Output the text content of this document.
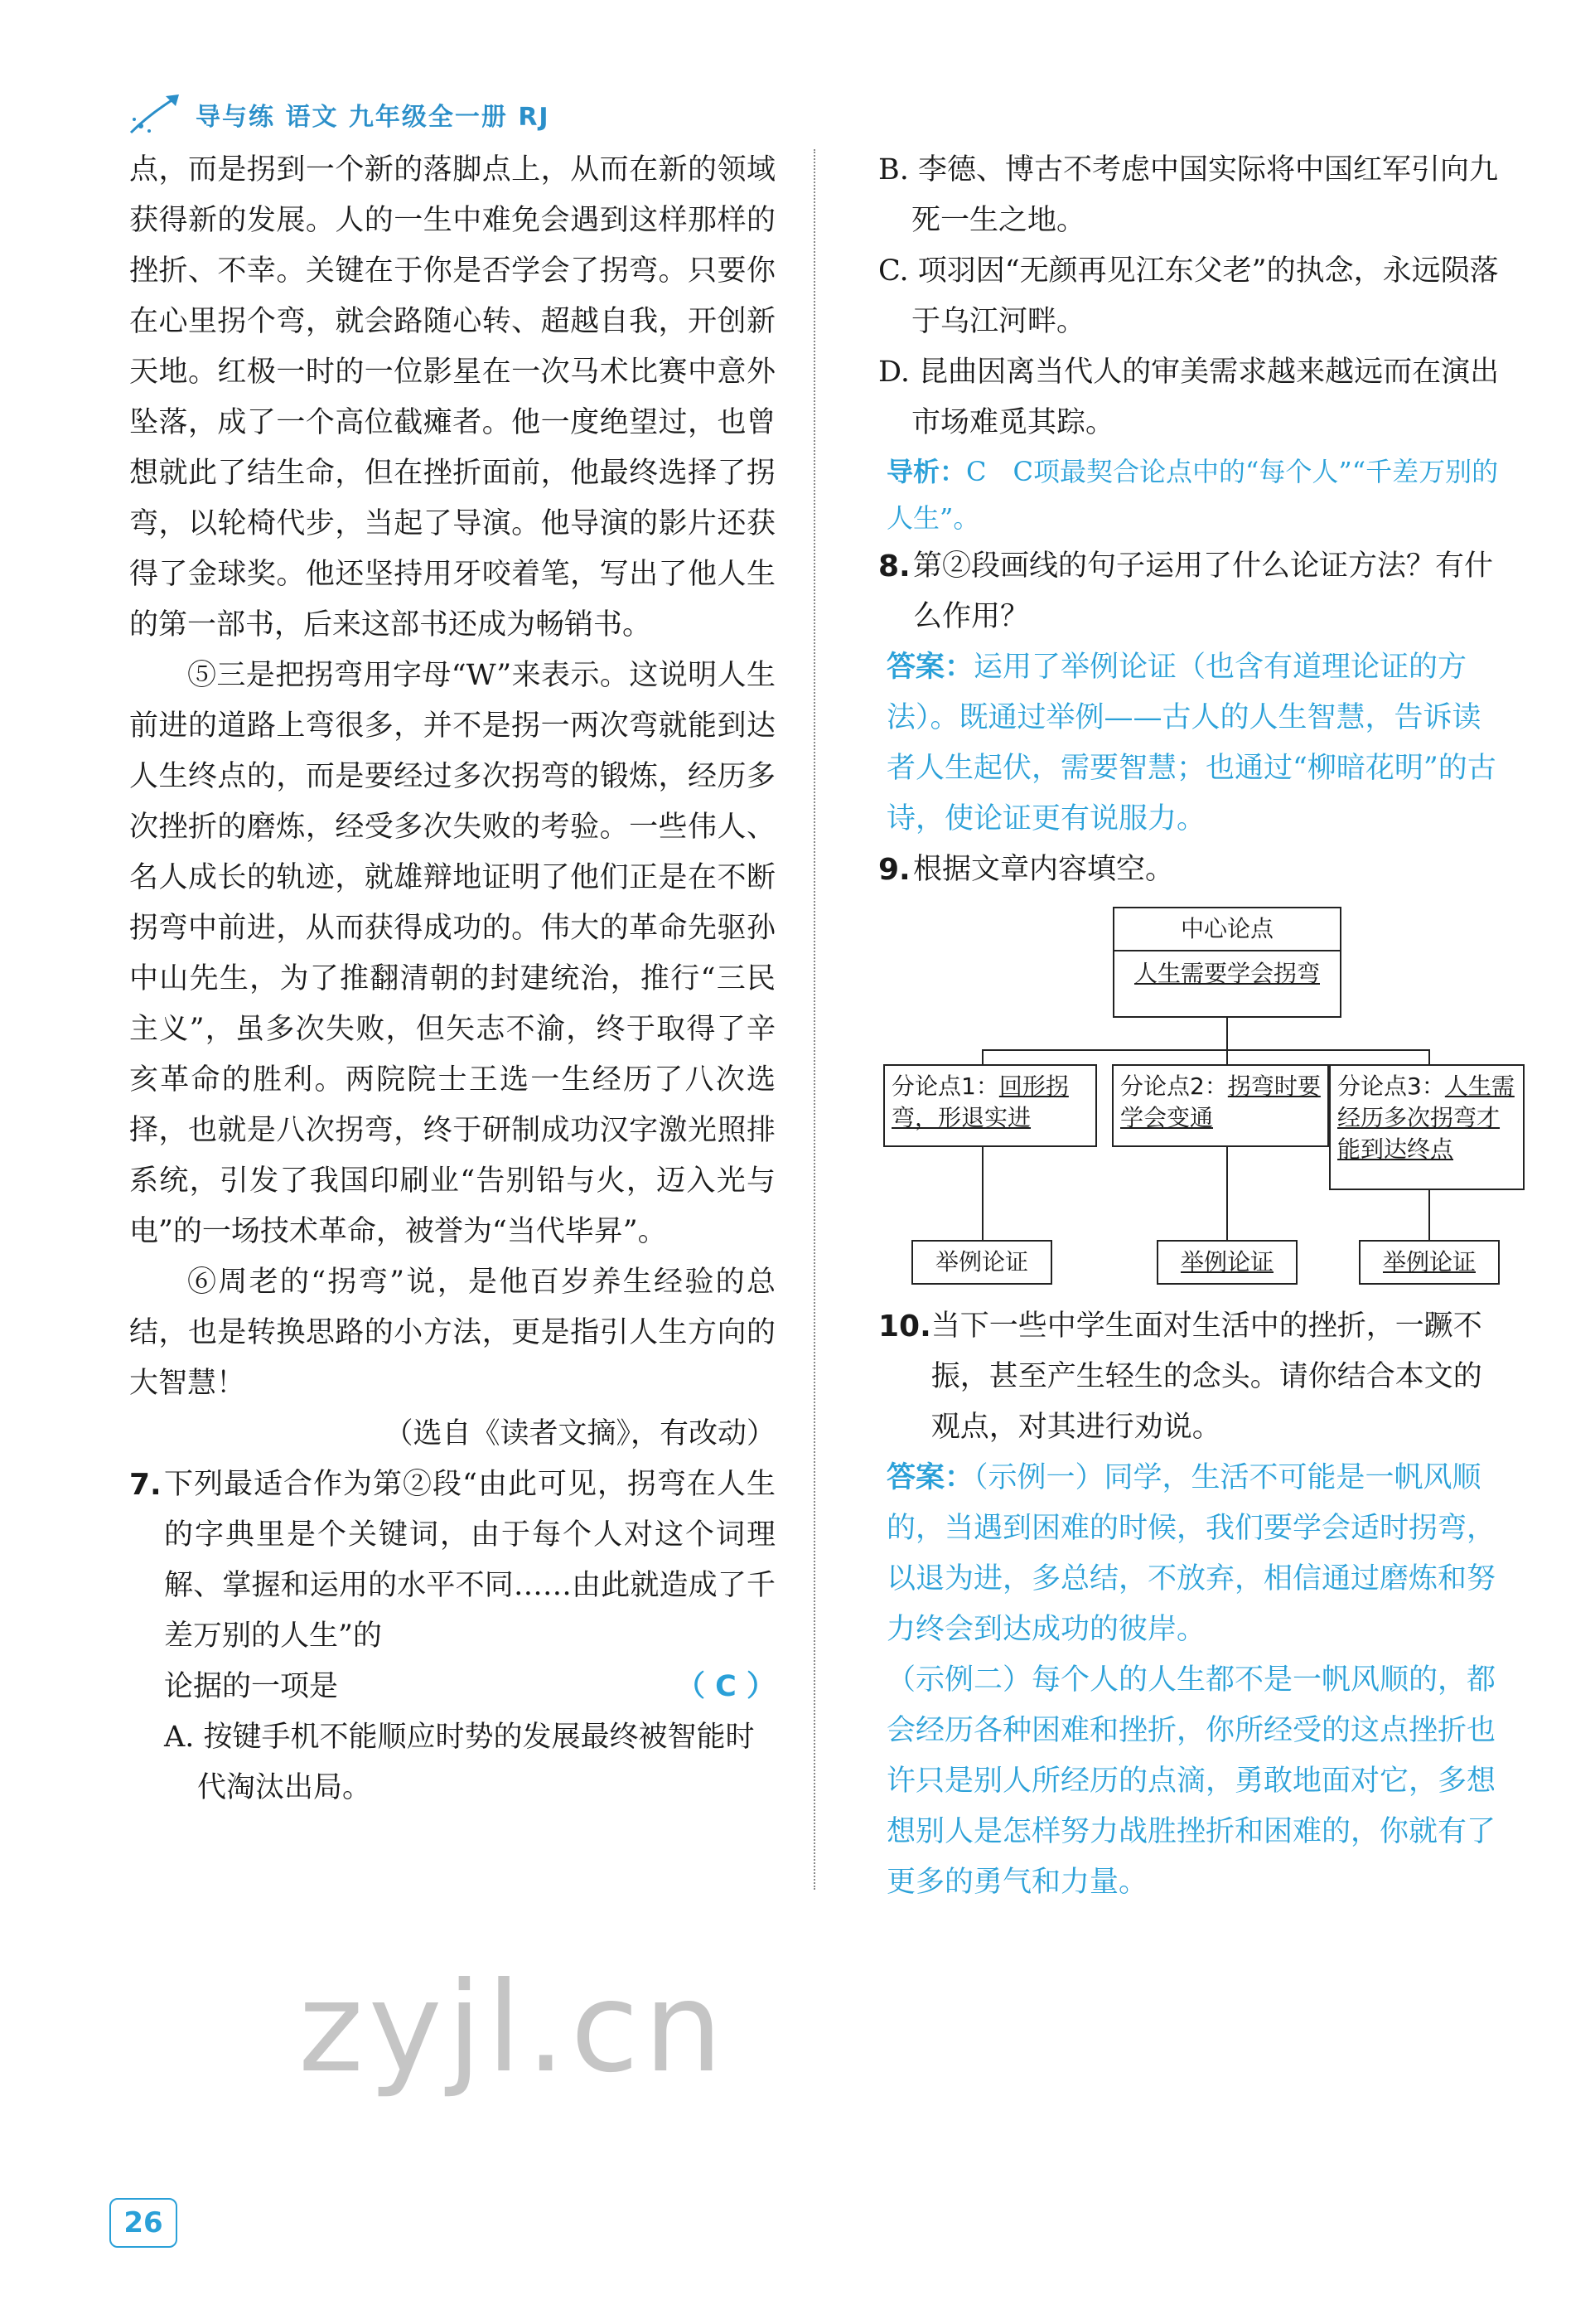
导与练 语文 九年级全一册 RJ

点，而是拐到一个新的落脚点上，从而在新的领域获得新的发展。人的一生中难免会遇到这样那样的挫折、不幸。关键在于你是否学会了拐弯。只要你在心里拐个弯，就会路随心转、超越自我，开创新天地。红极一时的一位影星在一次马术比赛中意外坠落，成了一个高位截瘫者。他一度绝望过，也曾想就此了结生命，但在挫折面前，他最终选择了拐弯，以轮椅代步，当起了导演。他导演的影片还获得了金球奖。他还坚持用牙咬着笔，写出了他人生的第一部书，后来这部书还成为畅销书。

⑤三是把拐弯用字母“W”来表示。这说明人生前进的道路上弯很多，并不是拐一两次弯就能到达人生终点的，而是要经过多次拐弯的锻炼，经历多次挫折的磨炼，经受多次失败的考验。一些伟人、名人成长的轨迹，就雄辩地证明了他们正是在不断拐弯中前进，从而获得成功的。伟大的革命先驱孙中山先生，为了推翻清朝的封建统治，推行“三民主义”，虽多次失败，但矢志不渝，终于取得了辛亥革命的胜利。两院院士王选一生经历了八次选择，也就是八次拐弯，终于研制成功汉字激光照排系统，引发了我国印刷业“告别铅与火，迈入光与电”的一场技术革命，被誉为“当代毕昇”。

⑥周老的“拐弯”说，是他百岁养生经验的总结，也是转换思路的小方法，更是指引人生方向的大智慧！

（选自《读者文摘》，有改动）

7. 下列最适合作为第②段“由此可见，拐弯在人生的字典里是个关键词，由于每个人对这个词理解、掌握和运用的水平不同……由此就造成了千差万别的人生”的

论据的一项是	（ C ）

A. 按键手机不能顺应时势的发展最终被智能时代淘汰出局。

B. 李德、博古不考虑中国实际将中国红军引向九死一生之地。

C. 项羽因“无颜再见江东父老”的执念，永远陨落于乌江河畔。

D. 昆曲因离当代人的审美需求越来越远而在演出市场难觅其踪。

导析：C　C项最契合论点中的“每个人”“千差万别的人生”。

8. 第②段画线的句子运用了什么论证方法？有什么作用？

答案：运用了举例论证（也含有道理论证的方法）。既通过举例——古人的人生智慧，告诉读者人生起伏，需要智慧；也通过“柳暗花明”的古诗，使论证更有说服力。

9. 根据文章内容填空。
中心论点
人生需要学会拐弯
分论点1：回形拐弯，形退实进
分论点2：拐弯时要学会变通
分论点3：人生需经历多次拐弯才能到达终点
举例论证	举例论证	举例论证
10. 当下一些中学生面对生活中的挫折，一蹶不振，甚至产生轻生的念头。请你结合本文的观点，对其进行劝说。

答案：（示例一）同学，生活不可能是一帆风顺的，当遇到困难的时候，我们要学会适时拐弯，以退为进，多总结，不放弃，相信通过磨炼和努力终会到达成功的彼岸。

（示例二）每个人的人生都不是一帆风顺的，都会经历各种困难和挫折，你所经受的这点挫折也许只是别人所经历的点滴，勇敢地面对它，多想想别人是怎样努力战胜挫折和困难的，你就有了更多的勇气和力量。

zyjl.cn
26
